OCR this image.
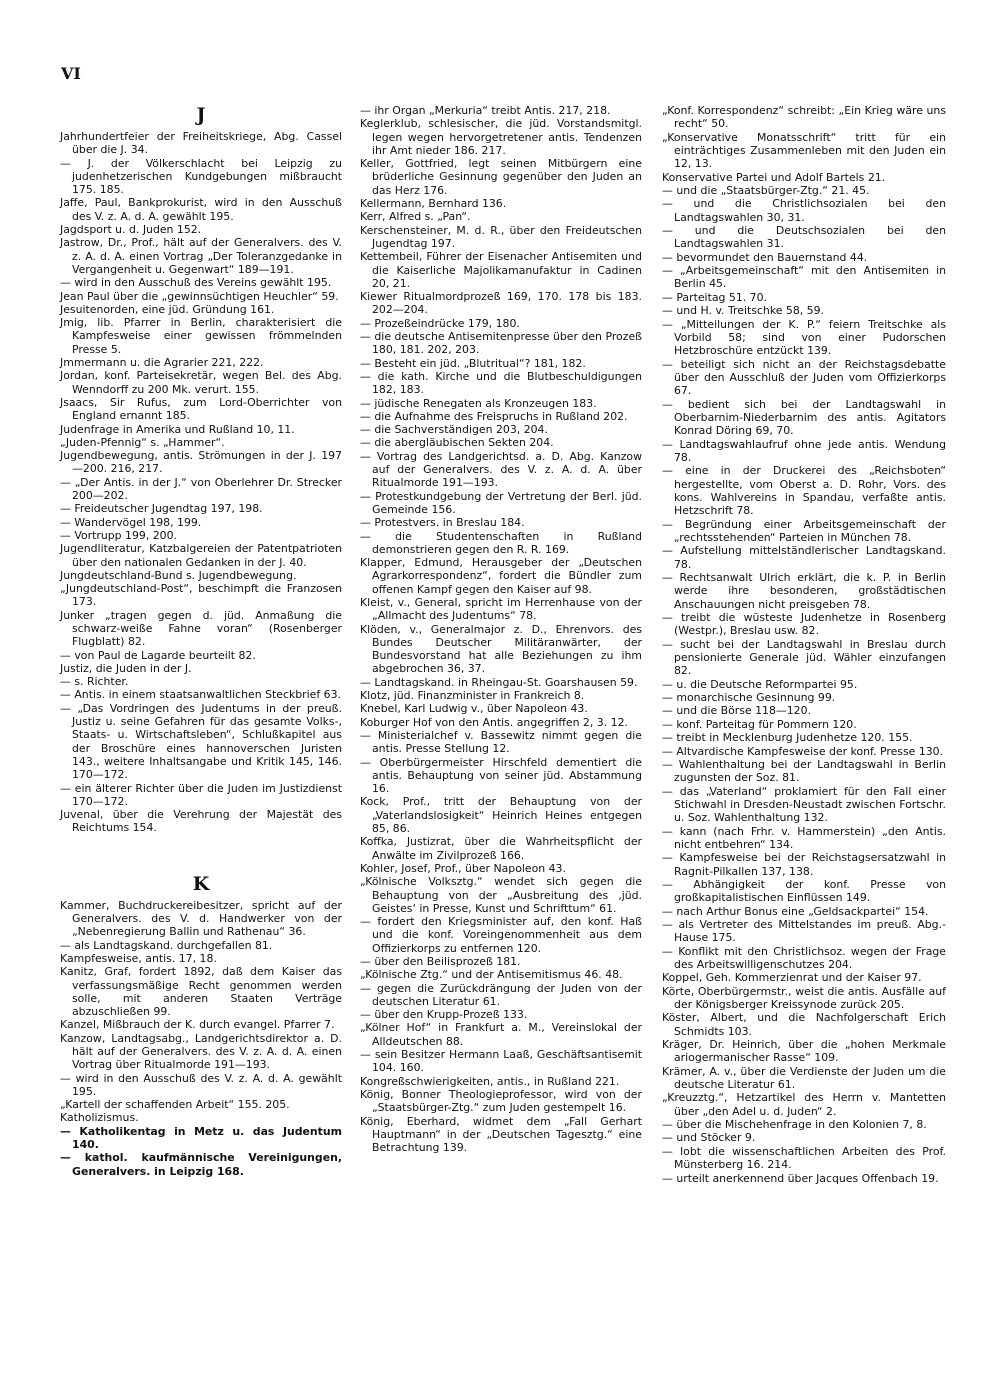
VI
J

Jahrhundertfeier der Freiheitskriege, Abg. Cassel über die J. 34.

— J. der Völkerschlacht bei Leipzig zu judenhetzerischen Kundgebungen mißbraucht 175. 185.

Jaffe, Paul, Bankprokurist, wird in den Ausschuß des V. z. A. d. A. gewählt 195.

Jagdsport u. d. Juden 152.

Jastrow, Dr., Prof., hält auf der Generalvers. des V. z. A. d. A. einen Vortrag „Der Toleranzgedanke in Vergangenheit u. Gegenwart“ 189—191.

— wird in den Ausschuß des Vereins gewählt 195.

Jean Paul über die „gewinnsüchtigen Heuchler“ 59.

Jesuitenorden, eine jüd. Gründung 161.

Jmig, lib. Pfarrer in Berlin, charakterisiert die Kampfesweise einer gewissen frömmelnden Presse 5.

Jmmermann u. die Agrarier 221, 222.

Jordan, konf. Parteisekretär, wegen Bel. des Abg. Wenndorff zu 200 Mk. verurt. 155.

Jsaacs, Sir Rufus, zum Lord-Oberrichter von England ernannt 185.

Judenfrage in Amerika und Rußland 10, 11.

„Juden-Pfennig“ s. „Hammer“.

Jugendbewegung, antis. Strömungen in der J. 197—200. 216, 217.

— „Der Antis. in der J.“ von Oberlehrer Dr. Strecker 200—202.

— Freideutscher Jugendtag 197, 198.

— Wandervögel 198, 199.

— Vortrupp 199, 200.

Jugendliteratur, Katzbalgereien der Patentpatrioten über den nationalen Gedanken in der J. 40.

Jungdeutschland-Bund s. Jugendbewegung.

„Jungdeutschland-Post“, beschimpft die Franzosen 173.

Junker „tragen gegen d. jüd. Anmaßung die schwarz-weiße Fahne voran“ (Rosenberger Flugblatt) 82.

— von Paul de Lagarde beurteilt 82.

Justiz, die Juden in der J.

— s. Richter.

— Antis. in einem staatsanwaltlichen Steckbrief 63.

— „Das Vordringen des Judentums in der preuß. Justiz u. seine Gefahren für das gesamte Volks-, Staats- u. Wirtschaftsleben“, Schlußkapitel aus der Broschüre eines hannoverschen Juristen 143., weitere Inhaltsangabe und Kritik 145, 146. 170—172.

— ein älterer Richter über die Juden im Justizdienst 170—172.

Juvenal, über die Verehrung der Majestät des Reichtums 154.

K

Kammer, Buchdruckereibesitzer, spricht auf der Generalvers. des V. d. Handwerker von der „Nebenregierung Ballin und Rathenau“ 36.

— als Landtagskand. durchgefallen 81.

Kampfesweise, antis. 17, 18.

Kanitz, Graf, fordert 1892, daß dem Kaiser das verfassungsmäßige Recht genommen werden solle, mit anderen Staaten Verträge abzuschließen 99.

Kanzel, Mißbrauch der K. durch evangel. Pfarrer 7.

Kanzow, Landtagsabg., Landgerichtsdirektor a. D. hält auf der Generalvers. des V. z. A. d. A. einen Vortrag über Ritualmorde 191—193.

— wird in den Ausschuß des V. z. A. d. A. gewählt 195.

„Kartell der schaffenden Arbeit“ 155. 205.

Katholizismus.

— Katholikentag in Metz u. das Judentum 140.

— kathol. kaufmännische Vereinigungen, Generalvers. in Leipzig 168.

— ihr Organ „Merkuria“ treibt Antis. 217, 218.

Keglerklub, schlesischer, die jüd. Vorstandsmitgl. legen wegen hervorgetretener antis. Tendenzen ihr Amt nieder 186. 217.

Keller, Gottfried, legt seinen Mitbürgern eine brüderliche Gesinnung gegenüber den Juden an das Herz 176.

Kellermann, Bernhard 136.

Kerr, Alfred s. „Pan“.

Kerschensteiner, M. d. R., über den Freideutschen Jugendtag 197.

Kettembeil, Führer der Eisenacher Antisemiten und die Kaiserliche Majolikamanufaktur in Cadinen 20, 21.

Kiewer Ritualmordprozeß 169, 170. 178 bis 183. 202—204.

— Prozeßeindrücke 179, 180.

— die deutsche Antisemitenpresse über den Prozeß 180, 181. 202, 203.

— Besteht ein jüd. „Blutritual“? 181, 182.

— die kath. Kirche und die Blutbeschuldigungen 182, 183.

— jüdische Renegaten als Kronzeugen 183.

— die Aufnahme des Freispruchs in Rußland 202.

— die Sachverständigen 203, 204.

— die abergläubischen Sekten 204.

— Vortrag des Landgerichtsd. a. D. Abg. Kanzow auf der Generalvers. des V. z. A. d. A. über Ritualmorde 191—193.

— Protestkundgebung der Vertretung der Berl. jüd. Gemeinde 156.

— Protestvers. in Breslau 184.

— die Studentenschaften in Rußland demonstrieren gegen den R. R. 169.

Klapper, Edmund, Herausgeber der „Deutschen Agrarkorrespondenz“, fordert die Bündler zum offenen Kampf gegen den Kaiser auf 98.

Kleist, v., General, spricht im Herrenhause von der „Allmacht des Judentums“ 78.

Klöden, v., Generalmajor z. D., Ehrenvors. des Bundes Deutscher Militäranwärter, der Bundesvorstand hat alle Beziehungen zu ihm abgebrochen 36, 37.

— Landtagskand. in Rheingau-St. Goarshausen 59.

Klotz, jüd. Finanzminister in Frankreich 8.

Knebel, Karl Ludwig v., über Napoleon 43.

Koburger Hof von den Antis. angegriffen 2, 3. 12.

— Ministerialchef v. Bassewitz nimmt gegen die antis. Presse Stellung 12.

— Oberbürgermeister Hirschfeld dementiert die antis. Behauptung von seiner jüd. Abstammung 16.

Kock, Prof., tritt der Behauptung von der „Vaterlandslosigkeit“ Heinrich Heines entgegen 85, 86.

Koffka, Justizrat, über die Wahrheitspflicht der Anwälte im Zivilprozeß 166.

Kohler, Josef, Prof., über Napoleon 43.

„Kölnische Volksztg.“ wendet sich gegen die Behauptung von der „Ausbreitung des ‚jüd. Geistes‘ in Presse, Kunst und Schrifttum“ 61.

— fordert den Kriegsminister auf, den konf. Haß und die konf. Voreingenommenheit aus dem Offizierkorps zu entfernen 120.

— über den Beilisprozeß 181.

„Kölnische Ztg.“ und der Antisemitismus 46. 48.

— gegen die Zurückdrängung der Juden von der deutschen Literatur 61.

— über den Krupp-Prozeß 133.

„Kölner Hof“ in Frankfurt a. M., Vereinslokal der Alldeutschen 88.

— sein Besitzer Hermann Laaß, Geschäftsantisemit 104. 160.

Kongreßschwierigkeiten, antis., in Rußland 221.

König, Bonner Theologieprofessor, wird von der „Staatsbürger-Ztg.“ zum Juden gestempelt 16.

König, Eberhard, widmet dem „Fall Gerhart Hauptmann“ in der „Deutschen Tagesztg.“ eine Betrachtung 139.

„Konf. Korrespondenz“ schreibt: „Ein Krieg wäre uns recht“ 50.

„Konservative Monatsschrift“ tritt für ein einträchtiges Zusammenleben mit den Juden ein 12, 13.

Konservative Partei und Adolf Bartels 21.

— und die „Staatsbürger-Ztg.“ 21. 45.

— und die Christlichsozialen bei den Landtagswahlen 30, 31.

— und die Deutschsozialen bei den Landtagswahlen 31.

— bevormundet den Bauernstand 44.

— „Arbeitsgemeinschaft“ mit den Antisemiten in Berlin 45.

— Parteitag 51. 70.

— und H. v. Treitschke 58, 59.

— „Mitteilungen der K. P.“ feiern Treitschke als Vorbild 58; sind von einer Pudorschen Hetzbroschüre entzückt 139.

— beteiligt sich nicht an der Reichstagsdebatte über den Ausschluß der Juden vom Offizierkorps 67.

— bedient sich bei der Landtagswahl in Oberbarnim-Niederbarnim des antis. Agitators Konrad Döring 69, 70.

— Landtagswahlaufruf ohne jede antis. Wendung 78.

— eine in der Druckerei des „Reichsboten“ hergestellte, vom Oberst a. D. Rohr, Vors. des kons. Wahlvereins in Spandau, verfaßte antis. Hetzschrift 78.

— Begründung einer Arbeitsgemeinschaft der „rechtsstehenden“ Parteien in München 78.

— Aufstellung mittelständlerischer Landtagskand. 78.

— Rechtsanwalt Ulrich erklärt, die k. P. in Berlin werde ihre besonderen, großstädtischen Anschauungen nicht preisgeben 78.

— treibt die wüsteste Judenhetze in Rosenberg (Westpr.), Breslau usw. 82.

— sucht bei der Landtagswahl in Breslau durch pensionierte Generale jüd. Wähler einzufangen 82.

— u. die Deutsche Reformpartei 95.

— monarchische Gesinnung 99.

— und die Börse 118—120.

— konf. Parteitag für Pommern 120.

— treibt in Mecklenburg Judenhetze 120. 155.

— Altvardische Kampfesweise der konf. Presse 130.

— Wahlenthaltung bei der Landtagswahl in Berlin zugunsten der Soz. 81.

— das „Vaterland“ proklamiert für den Fall einer Stichwahl in Dresden-Neustadt zwischen Fortschr. u. Soz. Wahlenthaltung 132.

— kann (nach Frhr. v. Hammerstein) „den Antis. nicht entbehren“ 134.

— Kampfesweise bei der Reichstagsersatzwahl in Ragnit-Pilkallen 137, 138.

— Abhängigkeit der konf. Presse von großkapitalistischen Einflüssen 149.

— nach Arthur Bonus eine „Geldsackpartei“ 154.

— als Vertreter des Mittelstandes im preuß. Abg.-Hause 175.

— Konflikt mit den Christlichsoz. wegen der Frage des Arbeitswilligenschutzes 204.

Koppel, Geh. Kommerzienrat und der Kaiser 97.

Körte, Oberbürgermstr., weist die antis. Ausfälle auf der Königsberger Kreissynode zurück 205.

Köster, Albert, und die Nachfolgerschaft Erich Schmidts 103.

Kräger, Dr. Heinrich, über die „hohen Merkmale ariogermanischer Rasse“ 109.

Krämer, A. v., über die Verdienste der Juden um die deutsche Literatur 61.

„Kreuzztg.“, Hetzartikel des Herrn v. Mantetten über „den Adel u. d. Juden“ 2.

— über die Mischehenfrage in den Kolonien 7, 8.

— und Stöcker 9.

— lobt die wissenschaftlichen Arbeiten des Prof. Münsterberg 16. 214.

— urteilt anerkennend über Jacques Offenbach 19.
